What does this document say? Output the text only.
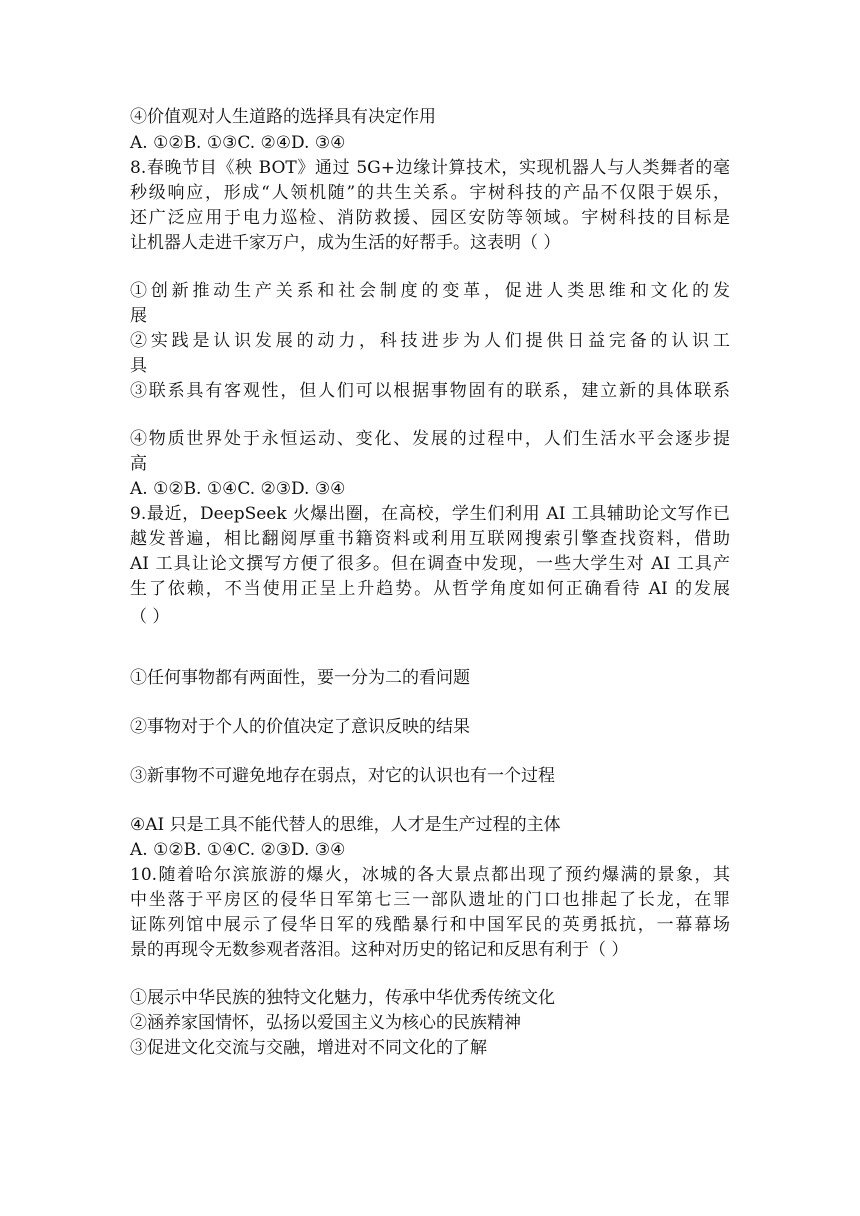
④价值观对人生道路的选择具有决定作用
A. ①②B. ①③C. ②④D. ③④
8.春晚节目《秧 BOT》通过 5G+边缘计算技术，实现机器人与人类舞者的毫
秒级响应，形成“人领机随”的共生关系。宇树科技的产品不仅限于娱乐，
还广泛应用于电力巡检、消防救援、园区安防等领域。宇树科技的目标是
让机器人走进千家万户，成为生活的好帮手。这表明（ ）
①创新推动生产关系和社会制度的变革，促进人类思维和文化的发
展
②实践是认识发展的动力，科技进步为人们提供日益完备的认识工
具
③联系具有客观性，但人们可以根据事物固有的联系，建立新的具体联系
④物质世界处于永恒运动、变化、发展的过程中，人们生活水平会逐步提
高
A. ①②B. ①④C. ②③D. ③④
9.最近，DeepSeek 火爆出圈，在高校，学生们利用 AI 工具辅助论文写作已
越发普遍，相比翻阅厚重书籍资料或利用互联网搜索引擎查找资料，借助
AI 工具让论文撰写方便了很多。但在调查中发现，一些大学生对 AI 工具产
生了依赖，不当使用正呈上升趋势。从哲学角度如何正确看待 AI 的发展
（ ）
①任何事物都有两面性，要一分为二的看问题
②事物对于个人的价值决定了意识反映的结果
③新事物不可避免地存在弱点，对它的认识也有一个过程
④AI 只是工具不能代替人的思维，人才是生产过程的主体
A. ①②B. ①④C. ②③D. ③④
10.随着哈尔滨旅游的爆火，冰城的各大景点都出现了预约爆满的景象，其
中坐落于平房区的侵华日军第七三一部队遗址的门口也排起了长龙，在罪
证陈列馆中展示了侵华日军的残酷暴行和中国军民的英勇抵抗，一幕幕场
景的再现令无数参观者落泪。这种对历史的铭记和反思有利于（ ）
①展示中华民族的独特文化魅力，传承中华优秀传统文化
②涵养家国情怀，弘扬以爱国主义为核心的民族精神
③促进文化交流与交融，增进对不同文化的了解
